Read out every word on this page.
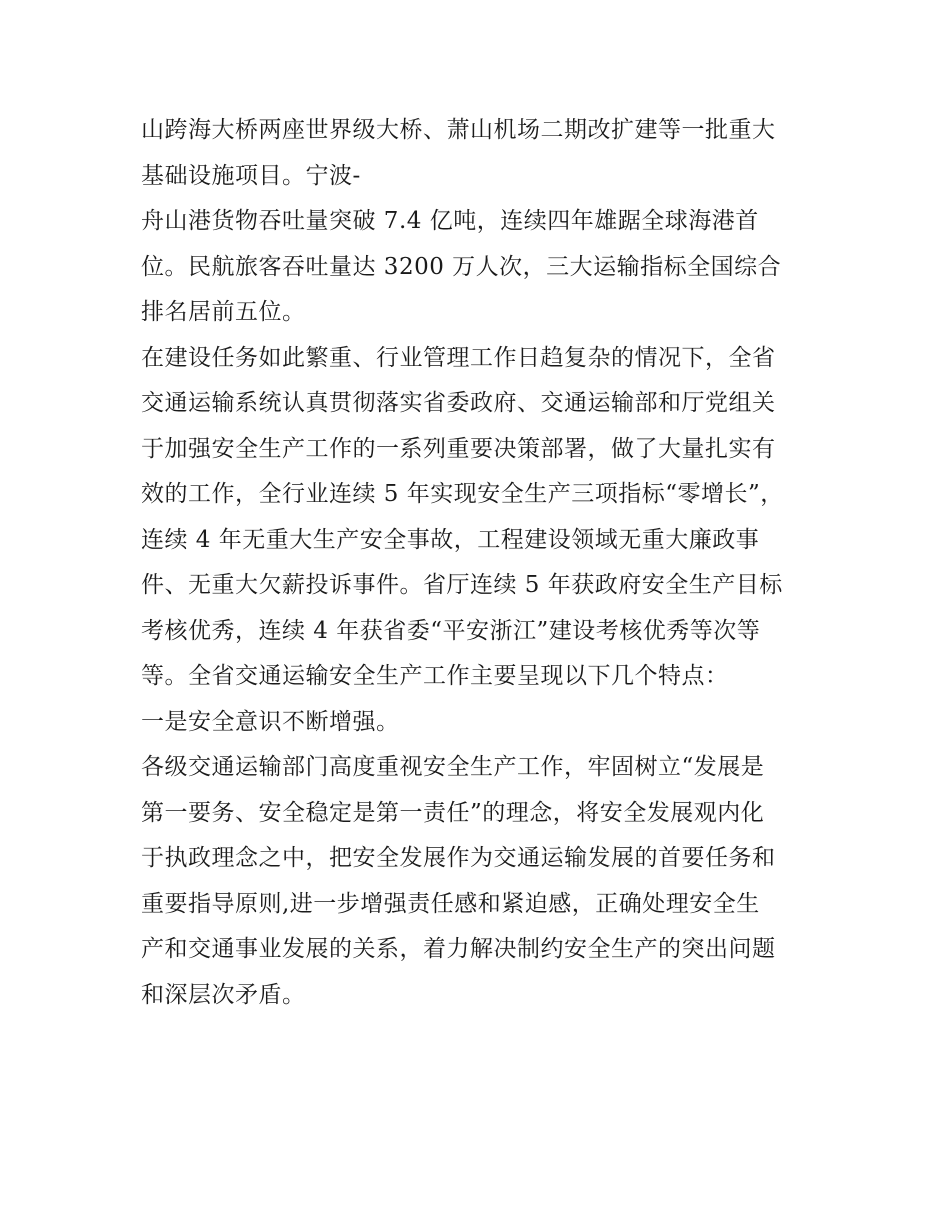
山跨海大桥两座世界级大桥、萧山机场二期改扩建等一批重大
基础设施项目。宁波-
舟山港货物吞吐量突破 7.4 亿吨，连续四年雄踞全球海港首
位。民航旅客吞吐量达 3200 万人次，三大运输指标全国综合
排名居前五位。
在建设任务如此繁重、行业管理工作日趋复杂的情况下，全省
交通运输系统认真贯彻落实省委政府、交通运输部和厅党组关
于加强安全生产工作的一系列重要决策部署，做了大量扎实有
效的工作，全行业连续 5 年实现安全生产三项指标“零增长”，
连续 4 年无重大生产安全事故，工程建设领域无重大廉政事
件、无重大欠薪投诉事件。省厅连续 5 年获政府安全生产目标
考核优秀，连续 4 年获省委“平安浙江”建设考核优秀等次等
等。全省交通运输安全生产工作主要呈现以下几个特点：
一是安全意识不断增强。
各级交通运输部门高度重视安全生产工作，牢固树立“发展是
第一要务、安全稳定是第一责任”的理念，将安全发展观内化
于执政理念之中，把安全发展作为交通运输发展的首要任务和
重要指导原则,进一步增强责任感和紧迫感，正确处理安全生
产和交通事业发展的关系，着力解决制约安全生产的突出问题
和深层次矛盾。
